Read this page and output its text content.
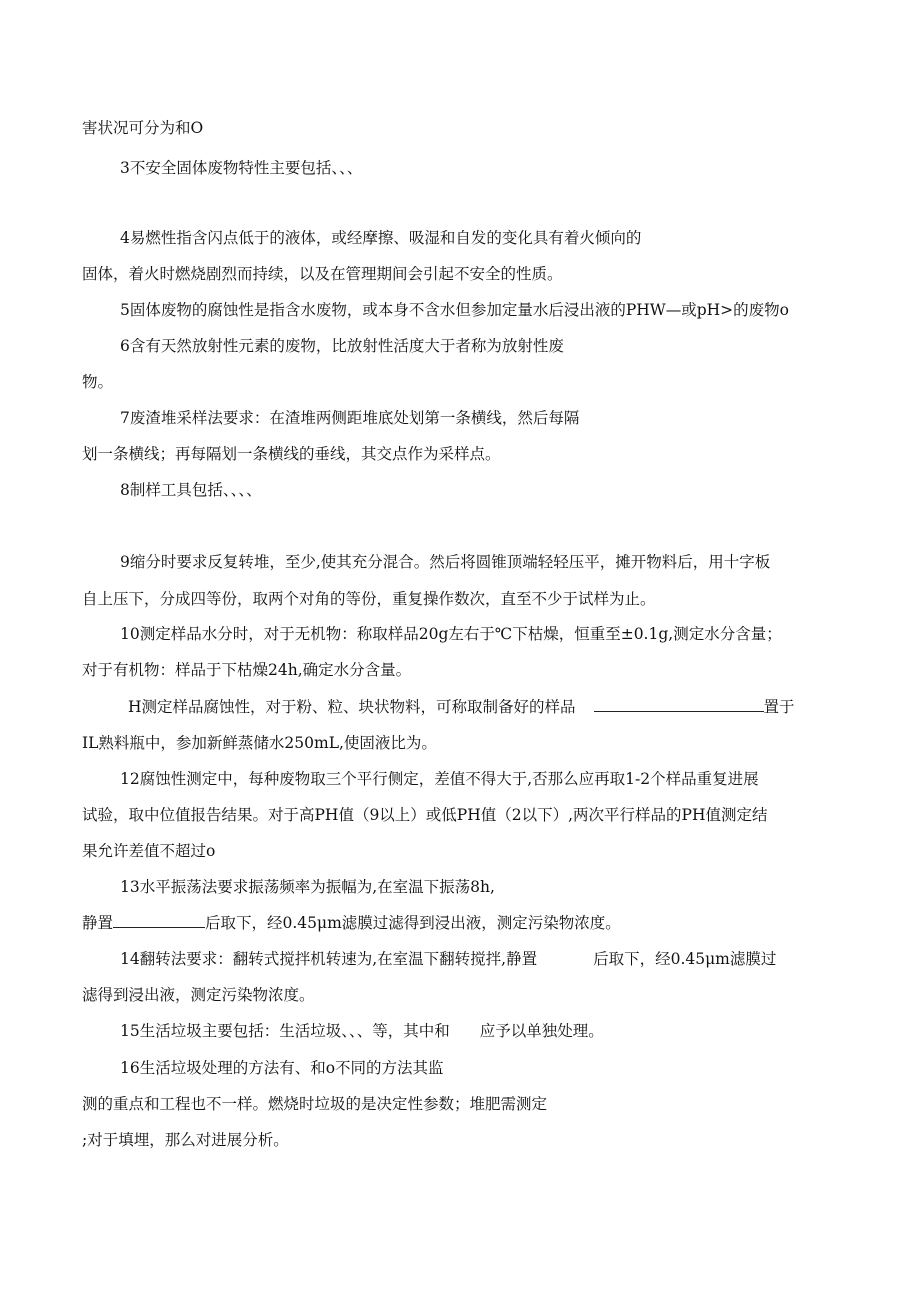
害状况可分为和O
3不安全固体废物特性主要包括、、、
4易燃性指含闪点低于的液体，或经摩擦、吸湿和自发的变化具有着火倾向的
固体，着火时燃烧剧烈而持续，以及在管理期间会引起不安全的性质。
5固体废物的腐蚀性是指含水废物，或本身不含水但参加定量水后浸出液的PHW—或pH>的废物o
6含有天然放射性元素的废物，比放射性活度大于者称为放射性废
物。
7废渣堆采样法要求：在渣堆两侧距堆底处划第一条横线，然后每隔
划一条横线；再每隔划一条横线的垂线，其交点作为采样点。
8制样工具包括、、、、
9缩分时要求反复转堆，至少,使其充分混合。然后将圆锥顶端轻轻压平，摊开物料后，用十字板
自上压下，分成四等份，取两个对角的等份，重复操作数次，直至不少于试样为止。
10测定样品水分时，对于无机物：称取样品20g左右于℃下枯燥，恒重至±0.1g,测定水分含量；
对于有机物：样品于下枯燥24h,确定水分含量。
H测定样品腐蚀性，对于粉、粒、块状物料，可称取制备好的样品	置于
IL熟料瓶中，参加新鲜蒸储水250mL,使固液比为。
12腐蚀性测定中，每种废物取三个平行侧定，差值不得大于,否那么应再取1-2个样品重复进展
试验，取中位值报告结果。对于高PH值（9以上）或低PH值（2以下）,两次平行样品的PH值测定结
果允许差值不超过o
13水平振荡法要求振荡频率为振幅为,在室温下振荡8h,
静置	后取下，经0.45μm滤膜过滤得到浸出液，测定污染物浓度。
14翻转法要求：翻转式搅拌机转速为,在室温下翻转搅拌,静置	后取下，经0.45μm滤膜过
滤得到浸出液，测定污染物浓度。
15生活垃圾主要包括：生活垃圾、、、等，其中和 应予以单独处理。
16生活垃圾处理的方法有、和o不同的方法其监
测的重点和工程也不一样。燃烧时垃圾的是决定性参数；堆肥需测定
;对于填埋，那么对进展分析。
